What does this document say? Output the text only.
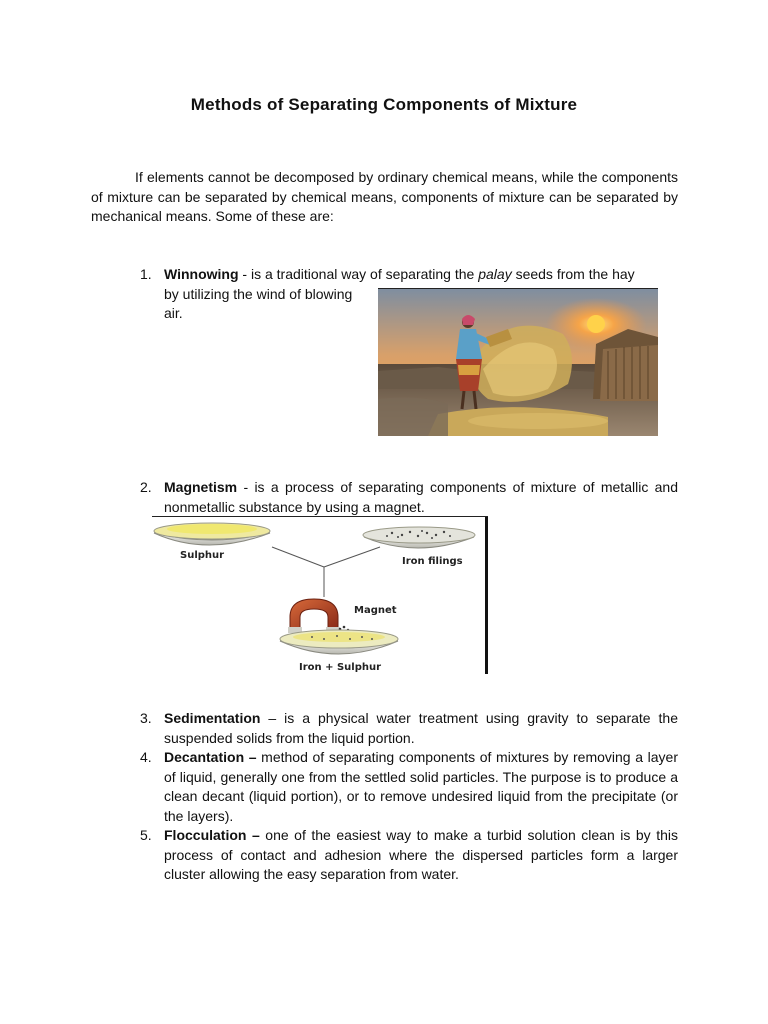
Methods of Separating Components of Mixture
If elements cannot be decomposed by ordinary chemical means, while the components of mixture can be separated by chemical means, components of mixture can be separated by mechanical means. Some of these are:
1. Winnowing - is a traditional way of separating the palay seeds from the hay
by utilizing the wind of blowing
air.
2. Magnetism - is a process of separating components of mixture of metallic and nonmetallic substance by using a magnet.
Sulphur
Iron filings
Magnet
Iron + Sulphur
3. Sedimentation – is a physical water treatment using gravity to separate the suspended solids from the liquid portion.
4. Decantation – method of separating components of mixtures by removing a layer of liquid, generally one from the settled solid particles. The purpose is to produce a clean decant (liquid portion), or to remove undesired liquid from the precipitate (or the layers).
5. Flocculation – one of the easiest way to make a turbid solution clean is by this process of contact and adhesion where the dispersed particles form a larger cluster allowing the easy separation from water.
